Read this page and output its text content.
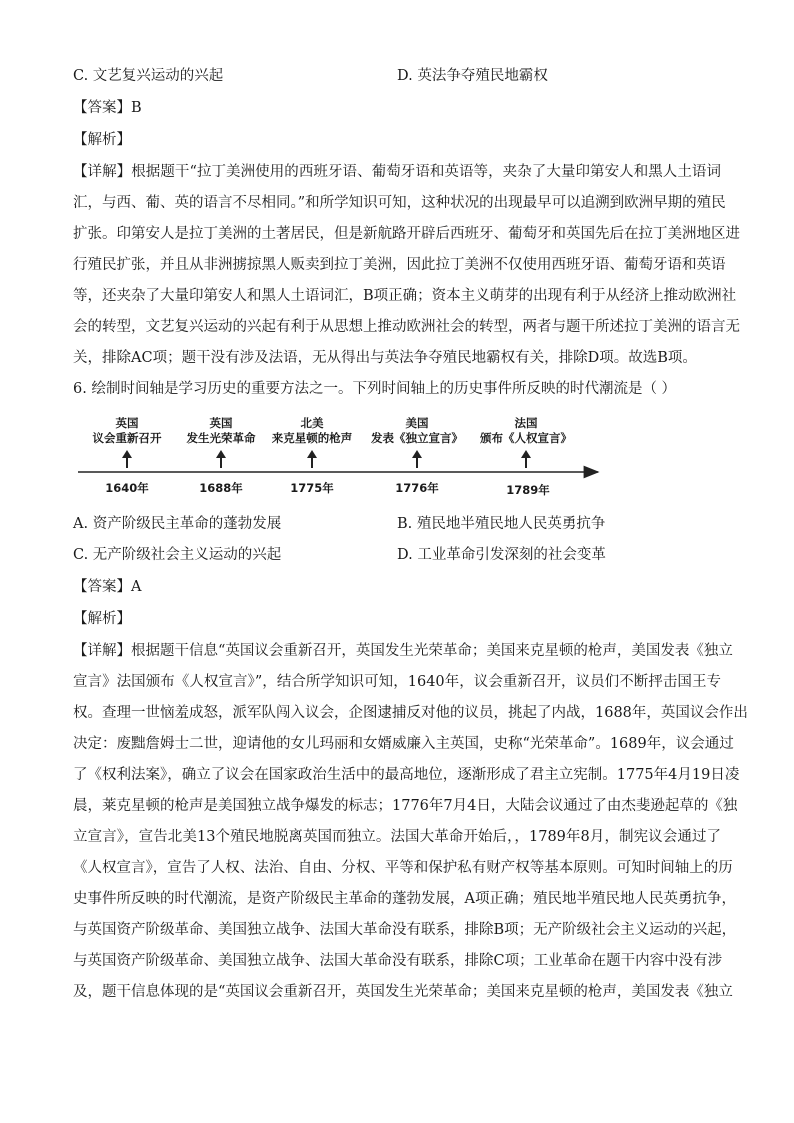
C. 文艺复兴运动的兴起	D. 英法争夺殖民地霸权
【答案】B
【解析】
【详解】根据题干“拉丁美洲使用的西班牙语、葡萄牙语和英语等，夹杂了大量印第安人和黑人土语词
汇，与西、葡、英的语言不尽相同。”和所学知识可知，这种状况的出现最早可以追溯到欧洲早期的殖民
扩张。印第安人是拉丁美洲的土著居民，但是新航路开辟后西班牙、葡萄牙和英国先后在拉丁美洲地区进
行殖民扩张，并且从非洲掳掠黑人贩卖到拉丁美洲，因此拉丁美洲不仅使用西班牙语、葡萄牙语和英语
等，还夹杂了大量印第安人和黑人土语词汇，B项正确；资本主义萌芽的出现有利于从经济上推动欧洲社
会的转型，文艺复兴运动的兴起有利于从思想上推动欧洲社会的转型，两者与题干所述拉丁美洲的语言无
关，排除AC项；题干没有涉及法语，无从得出与英法争夺殖民地霸权有关，排除D项。故选B项。
6. 绘制时间轴是学习历史的重要方法之一。下列时间轴上的历史事件所反映的时代潮流是（ ）
英国
议会重新召开
英国
发生光荣革命
北美
来克星顿的枪声
美国
发表《独立宣言》
法国
颁布《人权宣言》
1640年	1688年	1775年	1776年	1789年
A. 资产阶级民主革命的蓬勃发展	B. 殖民地半殖民地人民英勇抗争
C. 无产阶级社会主义运动的兴起	D. 工业革命引发深刻的社会变革
【答案】A
【解析】
【详解】根据题干信息“英国议会重新召开，英国发生光荣革命；美国来克星顿的枪声，美国发表《独立
宣言》法国颁布《人权宣言》”，结合所学知识可知，1640年，议会重新召开，议员们不断抨击国王专
权。查理一世恼羞成怒，派军队闯入议会，企图逮捕反对他的议员，挑起了内战，1688年，英国议会作出
决定：废黜詹姆士二世，迎请他的女儿玛丽和女婿威廉入主英国，史称“光荣革命”。1689年，议会通过
了《权利法案》，确立了议会在国家政治生活中的最高地位，逐渐形成了君主立宪制。1775年4月19日凌
晨，莱克星顿的枪声是美国独立战争爆发的标志；1776年7月4日，大陆会议通过了由杰斐逊起草的《独
立宣言》，宣告北美13个殖民地脱离英国而独立。法国大革命开始后，，1789年8月，制宪议会通过了
《人权宣言》，宣告了人权、法治、自由、分权、平等和保护私有财产权等基本原则。可知时间轴上的历
史事件所反映的时代潮流，是资产阶级民主革命的蓬勃发展，A项正确；殖民地半殖民地人民英勇抗争，
与英国资产阶级革命、美国独立战争、法国大革命没有联系，排除B项；无产阶级社会主义运动的兴起，
与英国资产阶级革命、美国独立战争、法国大革命没有联系，排除C项；工业革命在题干内容中没有涉
及，题干信息体现的是“英国议会重新召开，英国发生光荣革命；美国来克星顿的枪声，美国发表《独立
